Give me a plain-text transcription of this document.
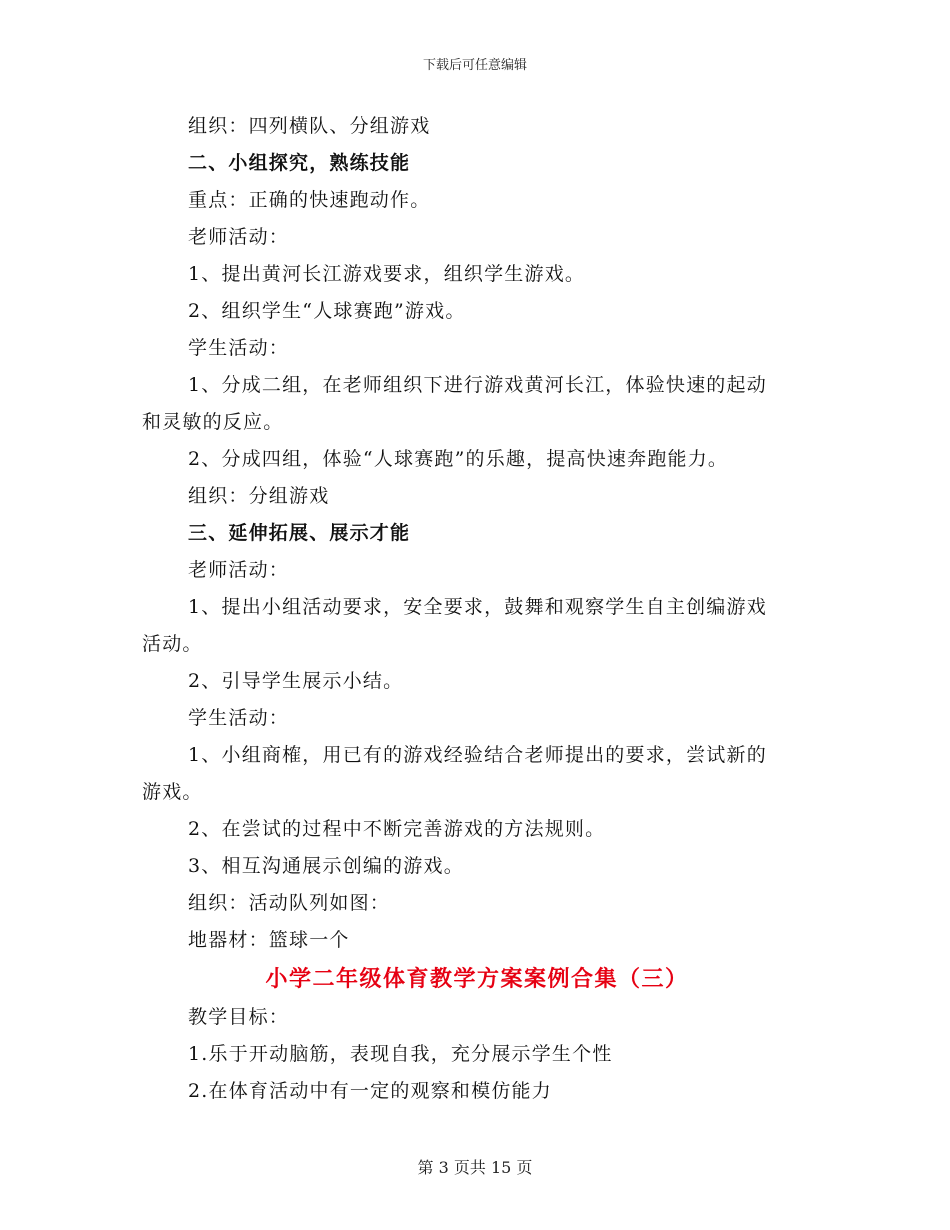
下载后可任意编辑
组织：四列横队、分组游戏
二、小组探究，熟练技能
重点：正确的快速跑动作。
老师活动：
1、提出黄河长江游戏要求，组织学生游戏。
2、组织学生“人球赛跑”游戏。
学生活动：
1、分成二组，在老师组织下进行游戏黄河长江，体验快速的起动
和灵敏的反应。
2、分成四组，体验“人球赛跑”的乐趣，提高快速奔跑能力。
组织：分组游戏
三、延伸拓展、展示才能
老师活动：
1、提出小组活动要求，安全要求，鼓舞和观察学生自主创编游戏
活动。
2、引导学生展示小结。
学生活动：
1、小组商榷，用已有的游戏经验结合老师提出的要求，尝试新的
游戏。
2、在尝试的过程中不断完善游戏的方法规则。
3、相互沟通展示创编的游戏。
组织：活动队列如图：
地器材：篮球一个
小学二年级体育教学方案案例合集（三）
教学目标：
1.乐于开动脑筋，表现自我，充分展示学生个性
2.在体育活动中有一定的观察和模仿能力
第 3 页共 15 页
